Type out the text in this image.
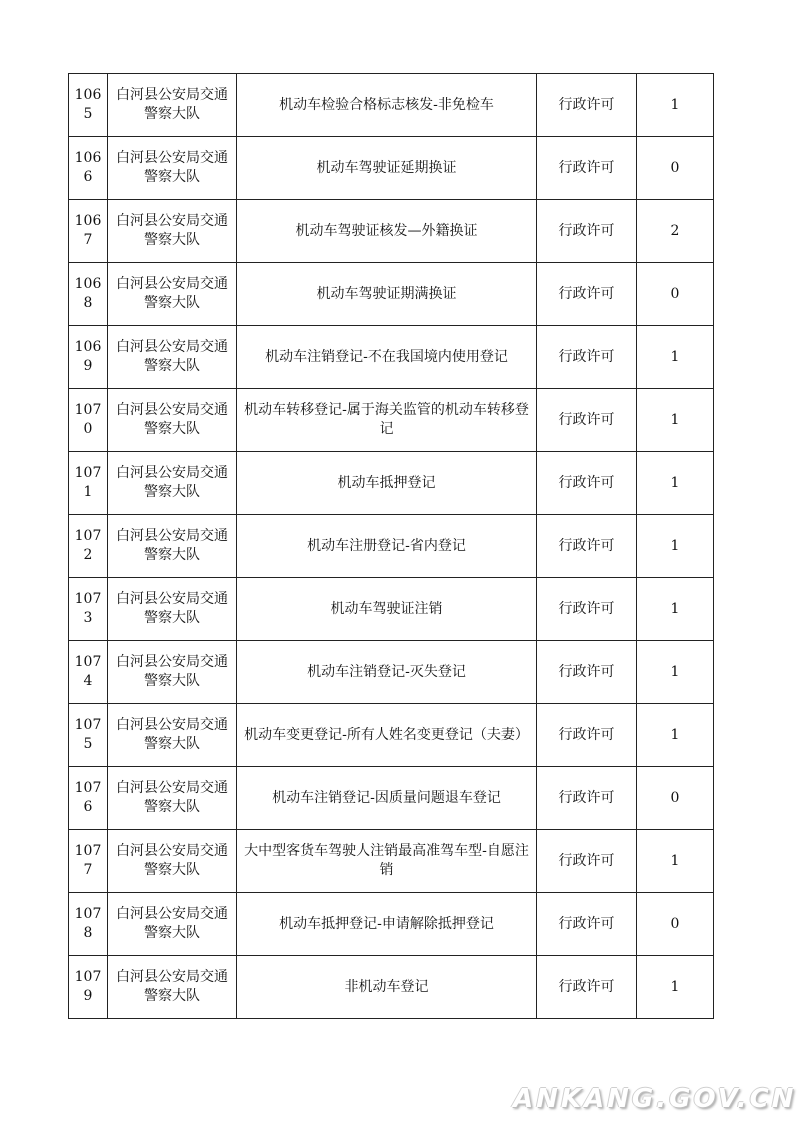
1065	白河县公安局交通警察大队	机动车检验合格标志核发-非免检车	行政许可	1
1066	白河县公安局交通警察大队	机动车驾驶证延期换证	行政许可	0
1067	白河县公安局交通警察大队	机动车驾驶证核发—外籍换证	行政许可	2
1068	白河县公安局交通警察大队	机动车驾驶证期满换证	行政许可	0
1069	白河县公安局交通警察大队	机动车注销登记-不在我国境内使用登记	行政许可	1
1070	白河县公安局交通警察大队	机动车转移登记-属于海关监管的机动车转移登记	行政许可	1
1071	白河县公安局交通警察大队	机动车抵押登记	行政许可	1
1072	白河县公安局交通警察大队	机动车注册登记-省内登记	行政许可	1
1073	白河县公安局交通警察大队	机动车驾驶证注销	行政许可	1
1074	白河县公安局交通警察大队	机动车注销登记-灭失登记	行政许可	1
1075	白河县公安局交通警察大队	机动车变更登记-所有人姓名变更登记（夫妻）	行政许可	1
1076	白河县公安局交通警察大队	机动车注销登记-因质量问题退车登记	行政许可	0
1077	白河县公安局交通警察大队	大中型客货车驾驶人注销最高准驾车型-自愿注销	行政许可	1
1078	白河县公安局交通警察大队	机动车抵押登记-申请解除抵押登记	行政许可	0
1079	白河县公安局交通警察大队	非机动车登记	行政许可	1
ANKANG.GOV.CN
